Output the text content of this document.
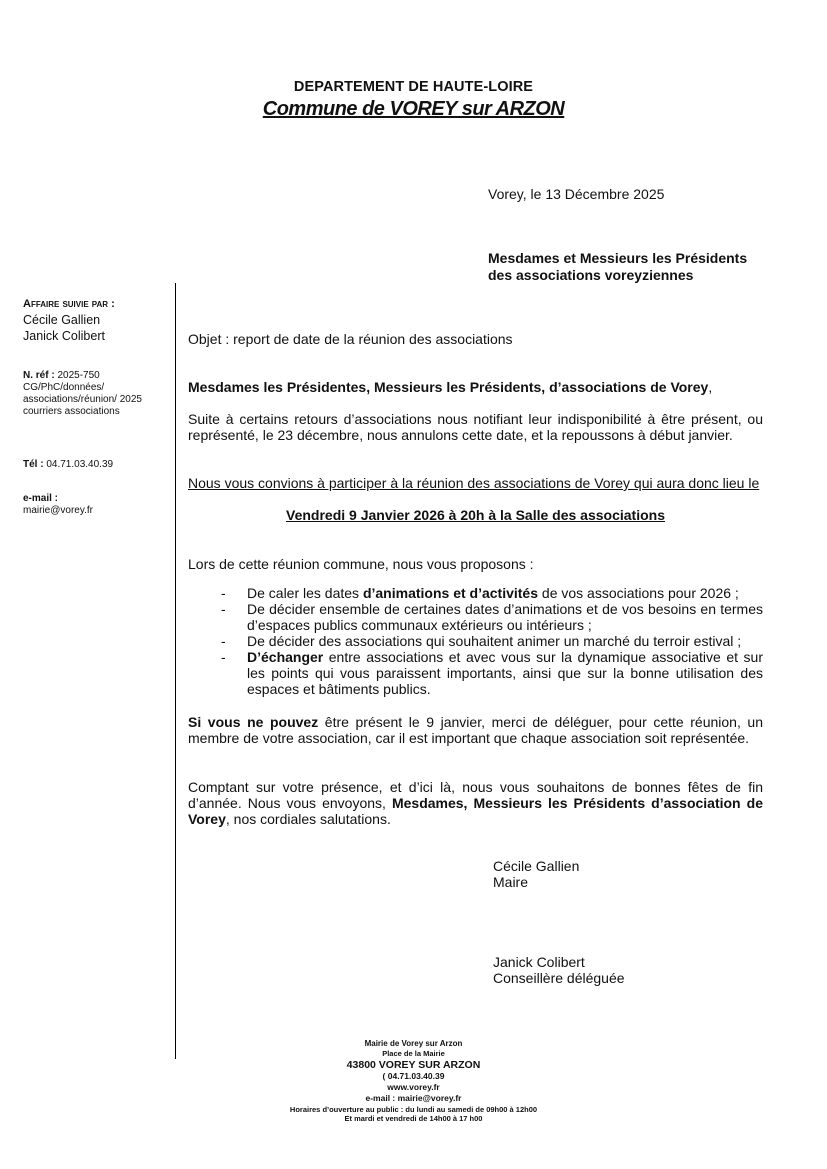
DEPARTEMENT DE HAUTE-LOIRE
Commune de VOREY sur ARZON
Vorey, le 13 Décembre 2025
Mesdames et Messieurs les Présidents
des associations voreyziennes
Affaire suivie par :
Cécile Gallien
Janick Colibert
N. réf : 2025-750
CG/PhC/données/
associations/réunion/ 2025
courriers associations
Tél : 04.71.03.40.39
e-mail :
mairie@vorey.fr
Objet : report de date de la réunion des associations
Mesdames les Présidentes, Messieurs les Présidents, d’associations de Vorey,
Suite à certains retours d’associations nous notifiant leur indisponibilité à être présent, ou représenté, le 23 décembre, nous annulons cette date, et la repoussons à début janvier.
Nous vous convions à participer à la réunion des associations de Vorey qui aura donc lieu le
Vendredi 9 Janvier 2026 à 20h à la Salle des associations
Lors de cette réunion commune, nous vous proposons :
- De caler les dates d’animations et d’activités de vos associations pour 2026 ;
- De décider ensemble de certaines dates d’animations et de vos besoins en termes d’espaces publics communaux extérieurs ou intérieurs ;
- De décider des associations qui souhaitent animer un marché du terroir estival ;
- D’échanger entre associations et avec vous sur la dynamique associative et sur les points qui vous paraissent importants, ainsi que sur la bonne utilisation des espaces et bâtiments publics.
Si vous ne pouvez être présent le 9 janvier, merci de déléguer, pour cette réunion, un membre de votre association, car il est important que chaque association soit représentée.
Comptant sur votre présence, et d’ici là, nous vous souhaitons de bonnes fêtes de fin d’année. Nous vous envoyons, Mesdames, Messieurs les Présidents d’association de Vorey, nos cordiales salutations.
Cécile Gallien
Maire
Janick Colibert
Conseillère déléguée
Mairie de Vorey sur Arzon
Place de la Mairie
43800 VOREY SUR ARZON
( 04.71.03.40.39
www.vorey.fr
e-mail : mairie@vorey.fr
Horaires d’ouverture au public : du lundi au samedi de 09h00 à 12h00
Et mardi et vendredi de 14h00 à 17 h00
